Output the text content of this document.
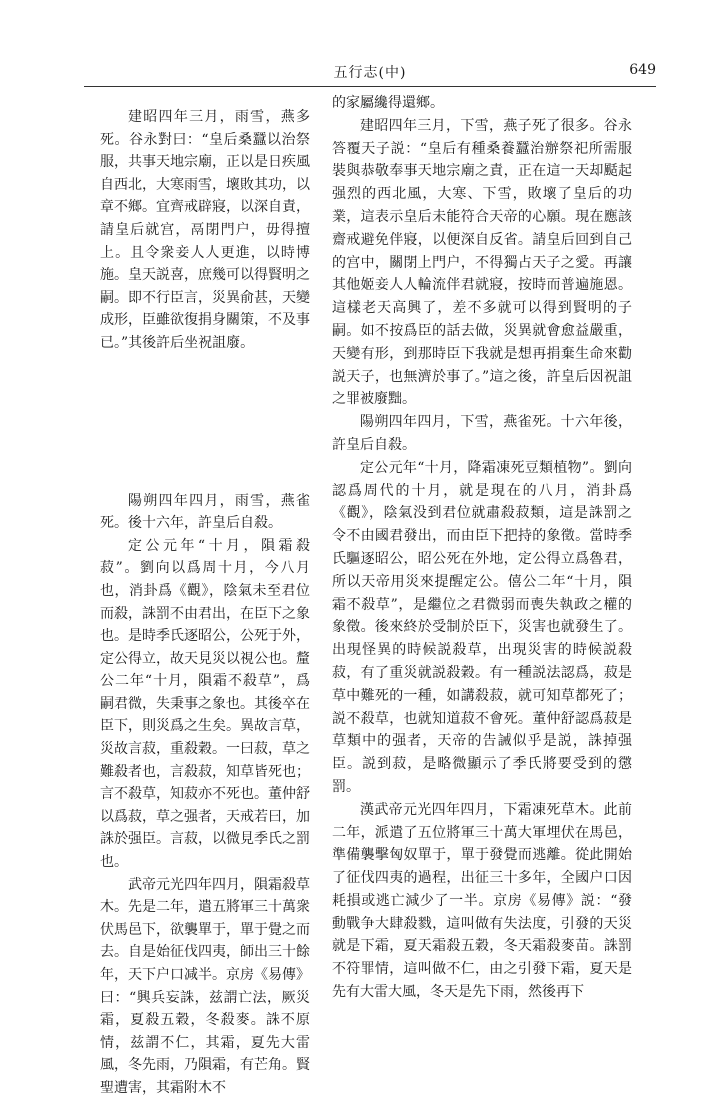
五行志(中)	649

建昭四年三月，雨雪，燕多死。谷永對曰：“皇后桑蠶以治祭服，共事天地宗廟，正以是日疾風自西北，大寒雨雪，壞敗其功，以章不鄉。宜齊戒辟寢，以深自責，請皇后就宫，鬲閉門户，毋得擅上。且令衆妾人人更進，以時博施。皇天説喜，庶幾可以得賢明之嗣。即不行臣言，災異俞甚，天變成形，臣雖欲復捐身關策，不及事已。”其後許后坐祝詛廢。

陽朔四年四月，雨雪，燕雀死。後十六年，許皇后自殺。

定公元年“十月，隕霜殺菽”。劉向以爲周十月，今八月也，消卦爲《觀》，陰氣未至君位而殺，誅罰不由君出，在臣下之象也。是時季氏逐昭公，公死于外，定公得立，故天見災以視公也。釐公二年“十月，隕霜不殺草”，爲嗣君微，失秉事之象也。其後卒在臣下，則災爲之生矣。異故言草，災故言菽，重殺穀。一曰菽，草之難殺者也，言殺菽，知草皆死也；言不殺草，知菽亦不死也。董仲舒以爲菽，草之强者，天戒若曰，加誅於强臣。言菽，以微見季氏之罰也。

武帝元光四年四月，隕霜殺草木。先是二年，遣五將軍三十萬衆伏馬邑下，欲襲單于，單于覺之而去。自是始征伐四夷，師出三十餘年，天下户口减半。京房《易傳》曰：“興兵妄誅，兹謂亡法，厥災霜，夏殺五穀，冬殺麥。誅不原情，兹謂不仁，其霜，夏先大雷風，冬先雨，乃隕霜，有芒角。賢聖遭害，其霜附木不

的家屬纔得還鄉。

建昭四年三月，下雪，燕子死了很多。谷永答覆天子説：“皇后有種桑養蠶治辦祭祀所需服裝與恭敬奉事天地宗廟之責，正在這一天却颳起强烈的西北風，大寒、下雪，敗壞了皇后的功業，這表示皇后未能符合天帝的心願。現在應該齋戒避免伴寢，以便深自反省。請皇后回到自己的宫中，關閉上門户，不得獨占天子之愛。再讓其他姬妾人人輪流伴君就寢，按時而普遍施恩。這樣老天高興了，差不多就可以得到賢明的子嗣。如不按爲臣的話去做，災異就會愈益嚴重，天變有形，到那時臣下我就是想再捐棄生命來勸説天子，也無濟於事了。”這之後，許皇后因祝詛之罪被廢黜。

陽朔四年四月，下雪，燕雀死。十六年後，許皇后自殺。

定公元年“十月，降霜凍死豆類植物”。劉向認爲周代的十月，就是現在的八月，消卦爲《觀》，陰氣没到君位就肅殺菽類，這是誅罰之令不由國君發出，而由臣下把持的象徵。當時季氏驅逐昭公，昭公死在外地，定公得立爲魯君，所以天帝用災來提醒定公。僖公二年“十月，隕霜不殺草”，是繼位之君微弱而喪失執政之權的象徵。後來終於受制於臣下，災害也就發生了。出現怪異的時候説殺草，出現災害的時候説殺菽，有了重災就説殺穀。有一種説法認爲，菽是草中難死的一種，如講殺菽，就可知草都死了；説不殺草，也就知道菽不會死。董仲舒認爲菽是草類中的强者，天帝的告誡似乎是説，誅掉强臣。説到菽，是略微顯示了季氏將要受到的懲罰。

漢武帝元光四年四月，下霜凍死草木。此前二年，派遣了五位將軍三十萬大軍埋伏在馬邑，準備襲擊匈奴單于，單于發覺而逃離。從此開始了征伐四夷的過程，出征三十多年，全國户口因耗損或逃亡減少了一半。京房《易傳》説：“發動戰争大肆殺戮，這叫做有失法度，引發的天災就是下霜，夏天霜殺五穀，冬天霜殺麥苗。誅罰不符罪情，這叫做不仁，由之引發下霜，夏天是先有大雷大風，冬天是先下雨，然後再下
